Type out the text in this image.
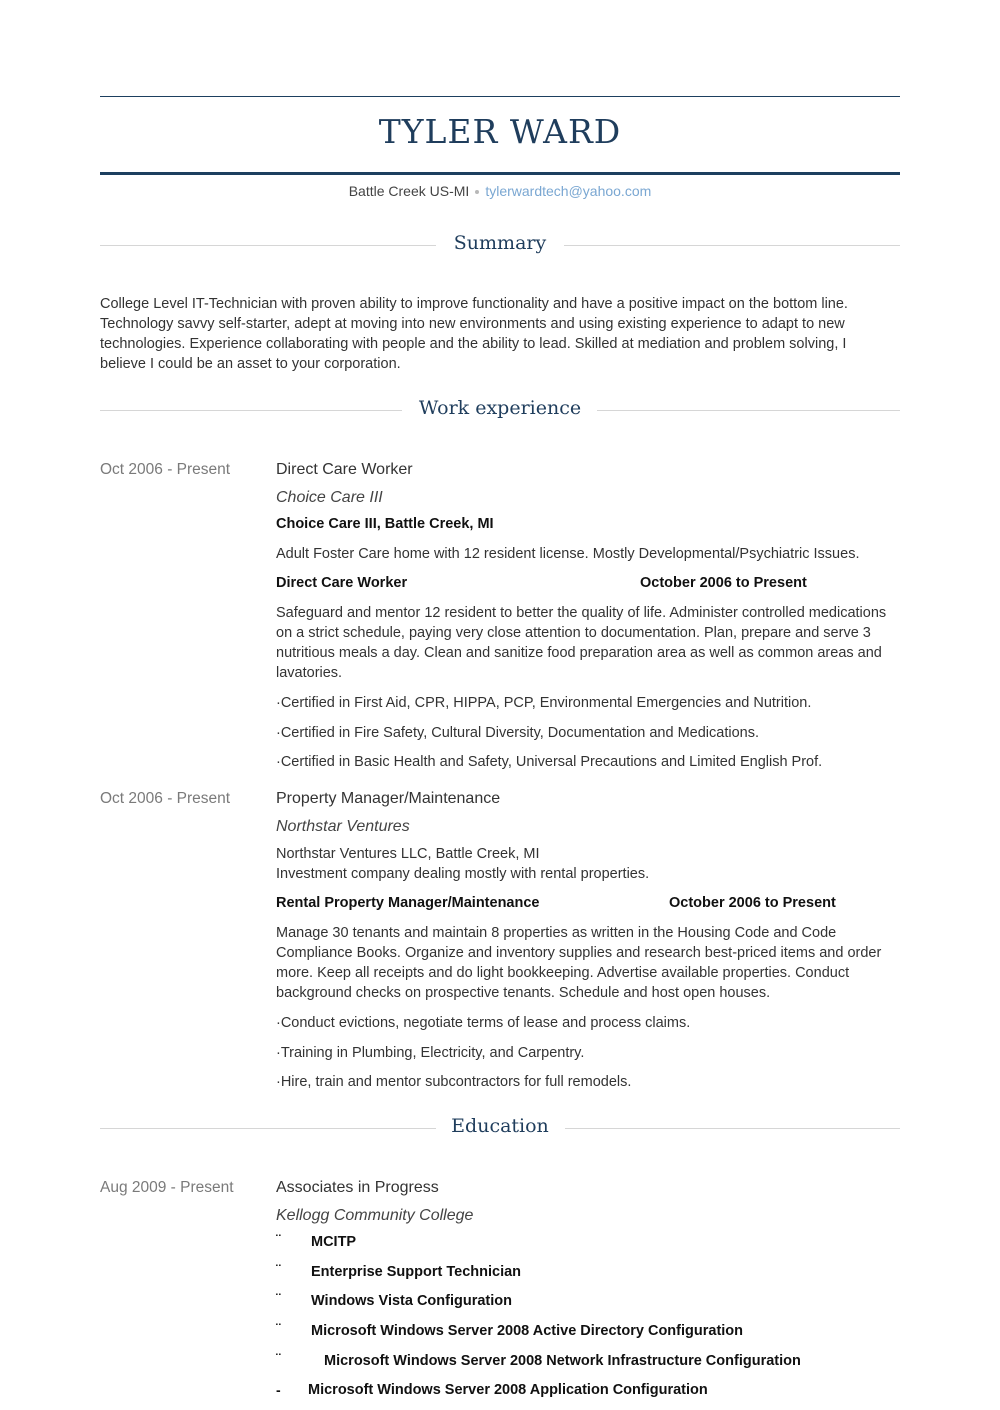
TYLER WARD
Battle Creek US-MI tylerwardtech@yahoo.com
Summary
College Level IT-Technician with proven ability to improve functionality and have a positive impact on the bottom line.
Technology savvy self-starter, adept at moving into new environments and using existing experience to adapt to new
technologies. Experience collaborating with people and the ability to lead. Skilled at mediation and problem solving, I
believe I could be an asset to your corporation.
Work experience
Oct 2006 - Present	Direct Care Worker
Choice Care III
Choice Care III, Battle Creek, MI
Adult Foster Care home with 12 resident license. Mostly Developmental/Psychiatric Issues.
Direct Care Worker	October 2006 to Present
Safeguard and mentor 12 resident to better the quality of life. Administer controlled medications
on a strict schedule, paying very close attention to documentation. Plan, prepare and serve 3
nutritious meals a day. Clean and sanitize food preparation area as well as common areas and
lavatories.
·Certified in First Aid, CPR, HIPPA, PCP, Environmental Emergencies and Nutrition.
·Certified in Fire Safety, Cultural Diversity, Documentation and Medications.
·Certified in Basic Health and Safety, Universal Precautions and Limited English Prof.
Oct 2006 - Present	Property Manager/Maintenance
Northstar Ventures
Northstar Ventures LLC, Battle Creek, MI
Investment company dealing mostly with rental properties.
Rental Property Manager/Maintenance	October 2006 to Present
Manage 30 tenants and maintain 8 properties as written in the Housing Code and Code
Compliance Books. Organize and inventory supplies and research best-priced items and order
more. Keep all receipts and do light bookkeeping. Advertise available properties. Conduct
background checks on prospective tenants. Schedule and host open houses.
·Conduct evictions, negotiate terms of lease and process claims.
·Training in Plumbing, Electricity, and Carpentry.
·Hire, train and mentor subcontractors for full remodels.
Education
Aug 2009 - Present	Associates in Progress
Kellogg Community College
¨ MCITP
¨ Enterprise Support Technician
¨ Windows Vista Configuration
¨ Microsoft Windows Server 2008 Active Directory Configuration
¨	Microsoft Windows Server 2008 Network Infrastructure Configuration
- Microsoft Windows Server 2008 Application Configuration
